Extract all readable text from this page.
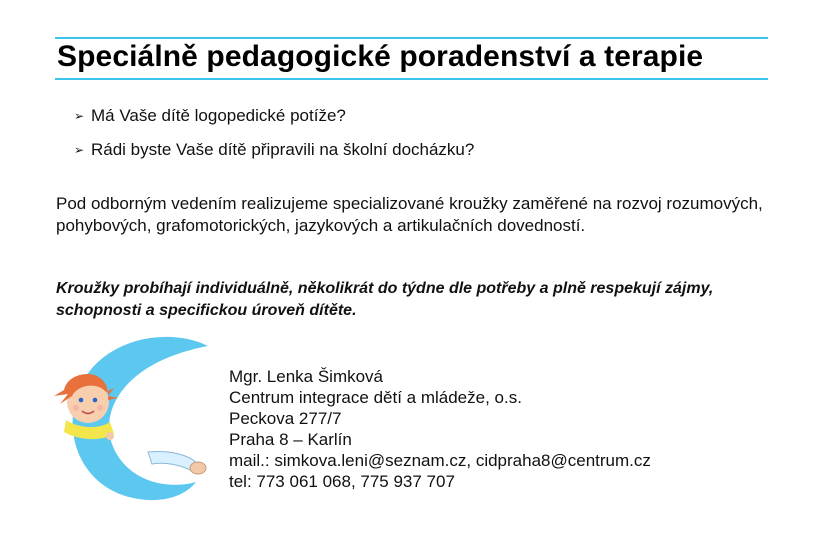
Speciálně pedagogické poradenství a terapie
➢ Má Vaše dítě logopedické potíže?
➢ Rádi byste Vaše dítě připravili na školní docházku?

Pod odborným vedením realizujeme specializované kroužky zaměřené na rozvoj rozumových, pohybových, grafomotorických, jazykových a artikulačních dovedností.

Kroužky probíhají individuálně, několikrát do týdne dle potřeby a plně respekují zájmy, schopnosti a specifickou úroveň dítěte.

Mgr. Lenka Šimková
Centrum integrace dětí a mládeže, o.s.
Peckova 277/7
Praha 8 – Karlín
mail.: simkova.leni@seznam.cz, cidpraha8@centrum.cz
tel: 773 061 068, 775 937 707
